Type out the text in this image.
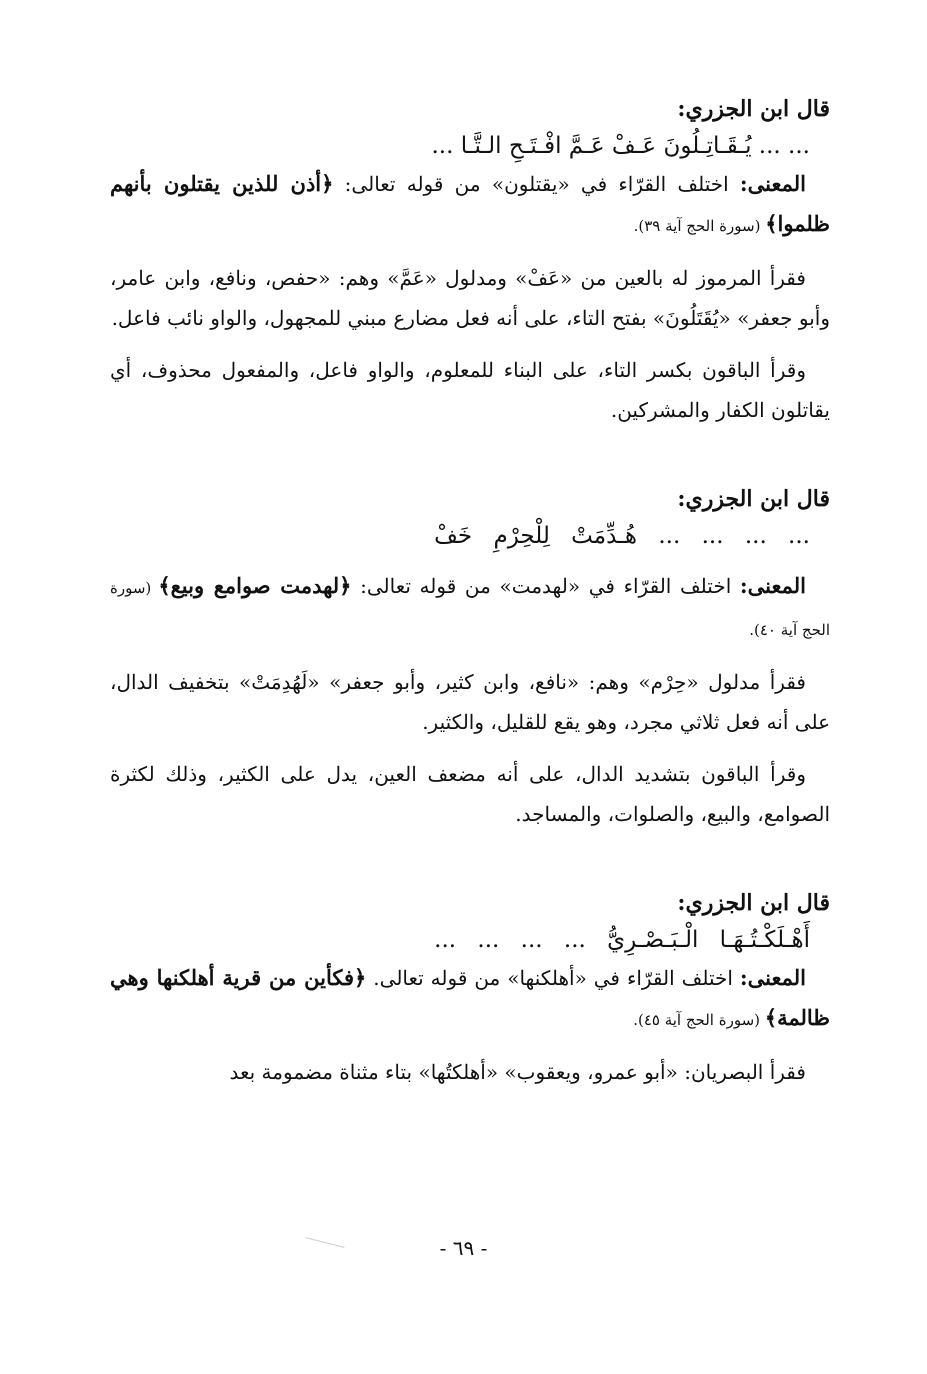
قال ابن الجزري:
... ... يُـقَـاتِـلُونَ عَـفْ عَـمَّ افْـتَـحِ الـتَّـا ...

المعنى: اختلف القرّاء في «يقتلون» من قوله تعالى: ﴿أذن للذين يقتلون بأنهم ظلموا﴾ (سورة الحج آية ٣٩).

فقرأ المرموز له بالعين من «عَفْ» ومدلول «عَمَّ» وهم: «حفص، ونافع، وابن عامر، وأبو جعفر» «يُقَتَلُونَ» بفتح التاء، على أنه فعل مضارع مبني للمجهول، والواو نائب فاعل.

وقرأ الباقون بكسر التاء، على البناء للمعلوم، والواو فاعل، والمفعول محذوف، أي يقاتلون الكفار والمشركين.

قال ابن الجزري:
... ... ... ... هُـدِّمَتْ لِلْحِرْمِ خَفْ

المعنى: اختلف القرّاء في «لهدمت» من قوله تعالى: ﴿لهدمت صوامع وبيع﴾ (سورة الحج آية ٤٠).

فقرأ مدلول «حِرْم» وهم: «نافع، وابن كثير، وأبو جعفر» «لَهُدِمَتْ» بتخفيف الدال، على أنه فعل ثلاثي مجرد، وهو يقع للقليل، والكثير.

وقرأ الباقون بتشديد الدال، على أنه مضعف العين، يدل على الكثير، وذلك لكثرة الصوامع، والبيع، والصلوات، والمساجد.

قال ابن الجزري:
أَهْـلَكْـتُـهَـا الْـبَـصْـرِيُّ ... ... ... ...

المعنى: اختلف القرّاء في «أهلكنها» من قوله تعالى. ﴿فكأين من قرية أهلكنها وهي ظالمة﴾ (سورة الحج آية ٤٥).

فقرأ البصريان: «أبو عمرو، ويعقوب» «أهلكتُها» بتاء مثناة مضمومة بعد

- ٦٩ -
